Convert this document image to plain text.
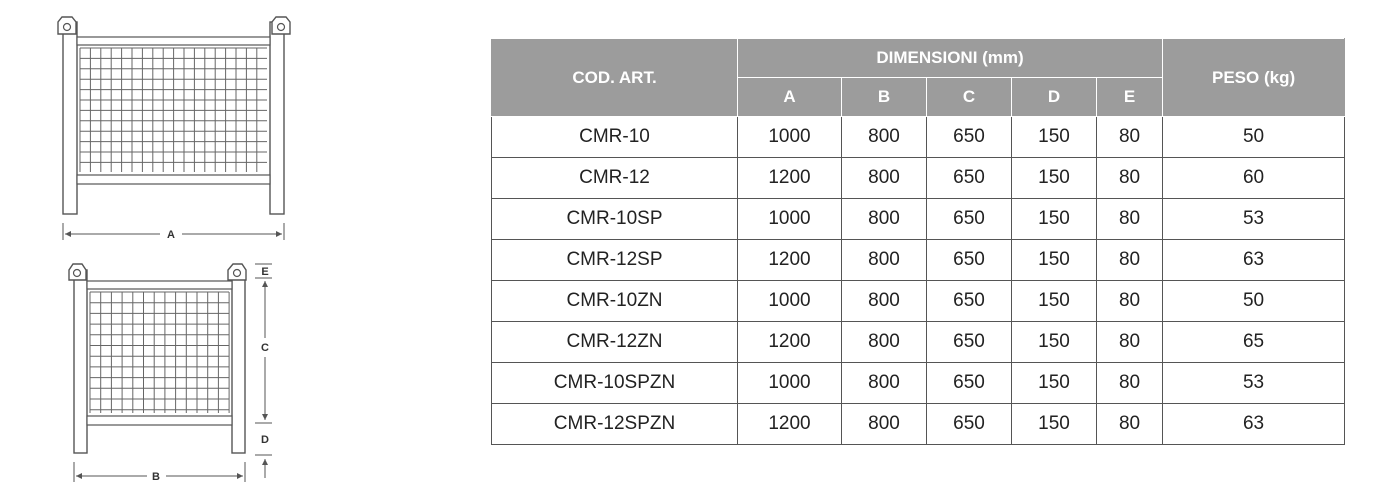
A
E
C
D
B
COD. ART.	DIMENSIONI (mm)					PESO (kg)
	A	B	C	D	E	
CMR-10	1000	800	650	150	80	50
CMR-12	1200	800	650	150	80	60
CMR-10SP	1000	800	650	150	80	53
CMR-12SP	1200	800	650	150	80	63
CMR-10ZN	1000	800	650	150	80	50
CMR-12ZN	1200	800	650	150	80	65
CMR-10SPZN	1000	800	650	150	80	53
CMR-12SPZN	1200	800	650	150	80	63
